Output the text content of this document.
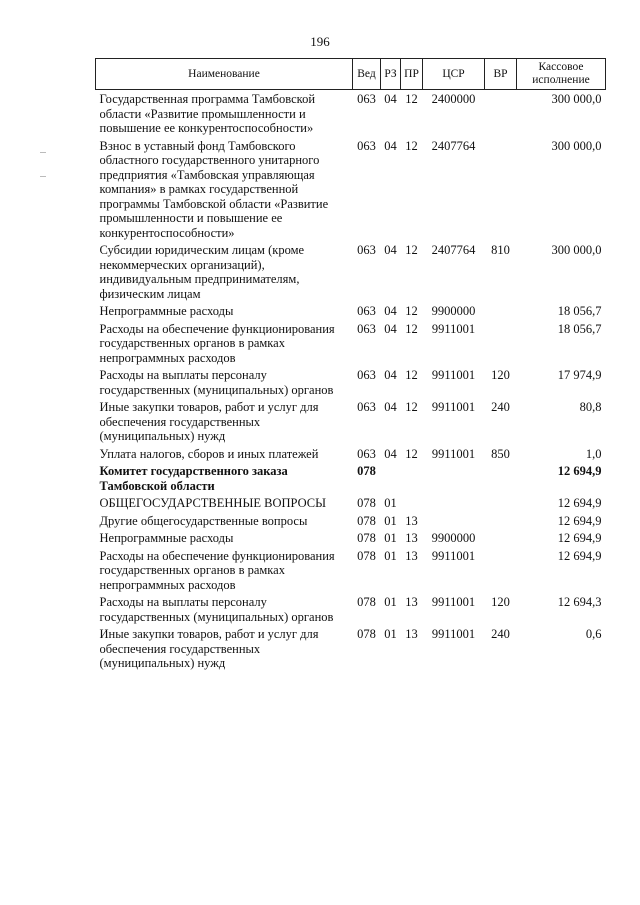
196
Наименование	Вед	РЗ	ПР	ЦСР	ВР	Кассовое исполнение
Государственная программа Тамбовской области «Развитие промышленности и повышение ее конкурентоспособности»	063	04	12	2400000		300 000,0
Взнос в уставный фонд Тамбовского областного государственного унитарного предприятия «Тамбовская управляющая компания» в рамках государственной программы Тамбовской области «Развитие промышленности и повышение ее конкурентоспособности»	063	04	12	2407764		300 000,0
Субсидии юридическим лицам (кроме некоммерческих организаций), индивидуальным предпринимателям, физическим лицам	063	04	12	2407764	810	300 000,0
Непрограммные расходы	063	04	12	9900000		18 056,7
Расходы на обеспечение функционирования государственных органов в рамках непрограммных расходов	063	04	12	9911001		18 056,7
Расходы на выплаты персоналу государственных (муниципальных) органов	063	04	12	9911001	120	17 974,9
Иные закупки товаров, работ и услуг для обеспечения государственных (муниципальных) нужд	063	04	12	9911001	240	80,8
Уплата налогов, сборов и иных платежей	063	04	12	9911001	850	1,0
Комитет государственного заказа Тамбовской области	078					12 694,9
ОБЩЕГОСУДАРСТВЕННЫЕ ВОПРОСЫ	078	01				12 694,9
Другие общегосударственные вопросы	078	01	13			12 694,9
Непрограммные расходы	078	01	13	9900000		12 694,9
Расходы на обеспечение функционирования государственных органов в рамках непрограммных расходов	078	01	13	9911001		12 694,9
Расходы на выплаты персоналу государственных (муниципальных) органов	078	01	13	9911001	120	12 694,3
Иные закупки товаров, работ и услуг для обеспечения государственных (муниципальных) нужд	078	01	13	9911001	240	0,6
